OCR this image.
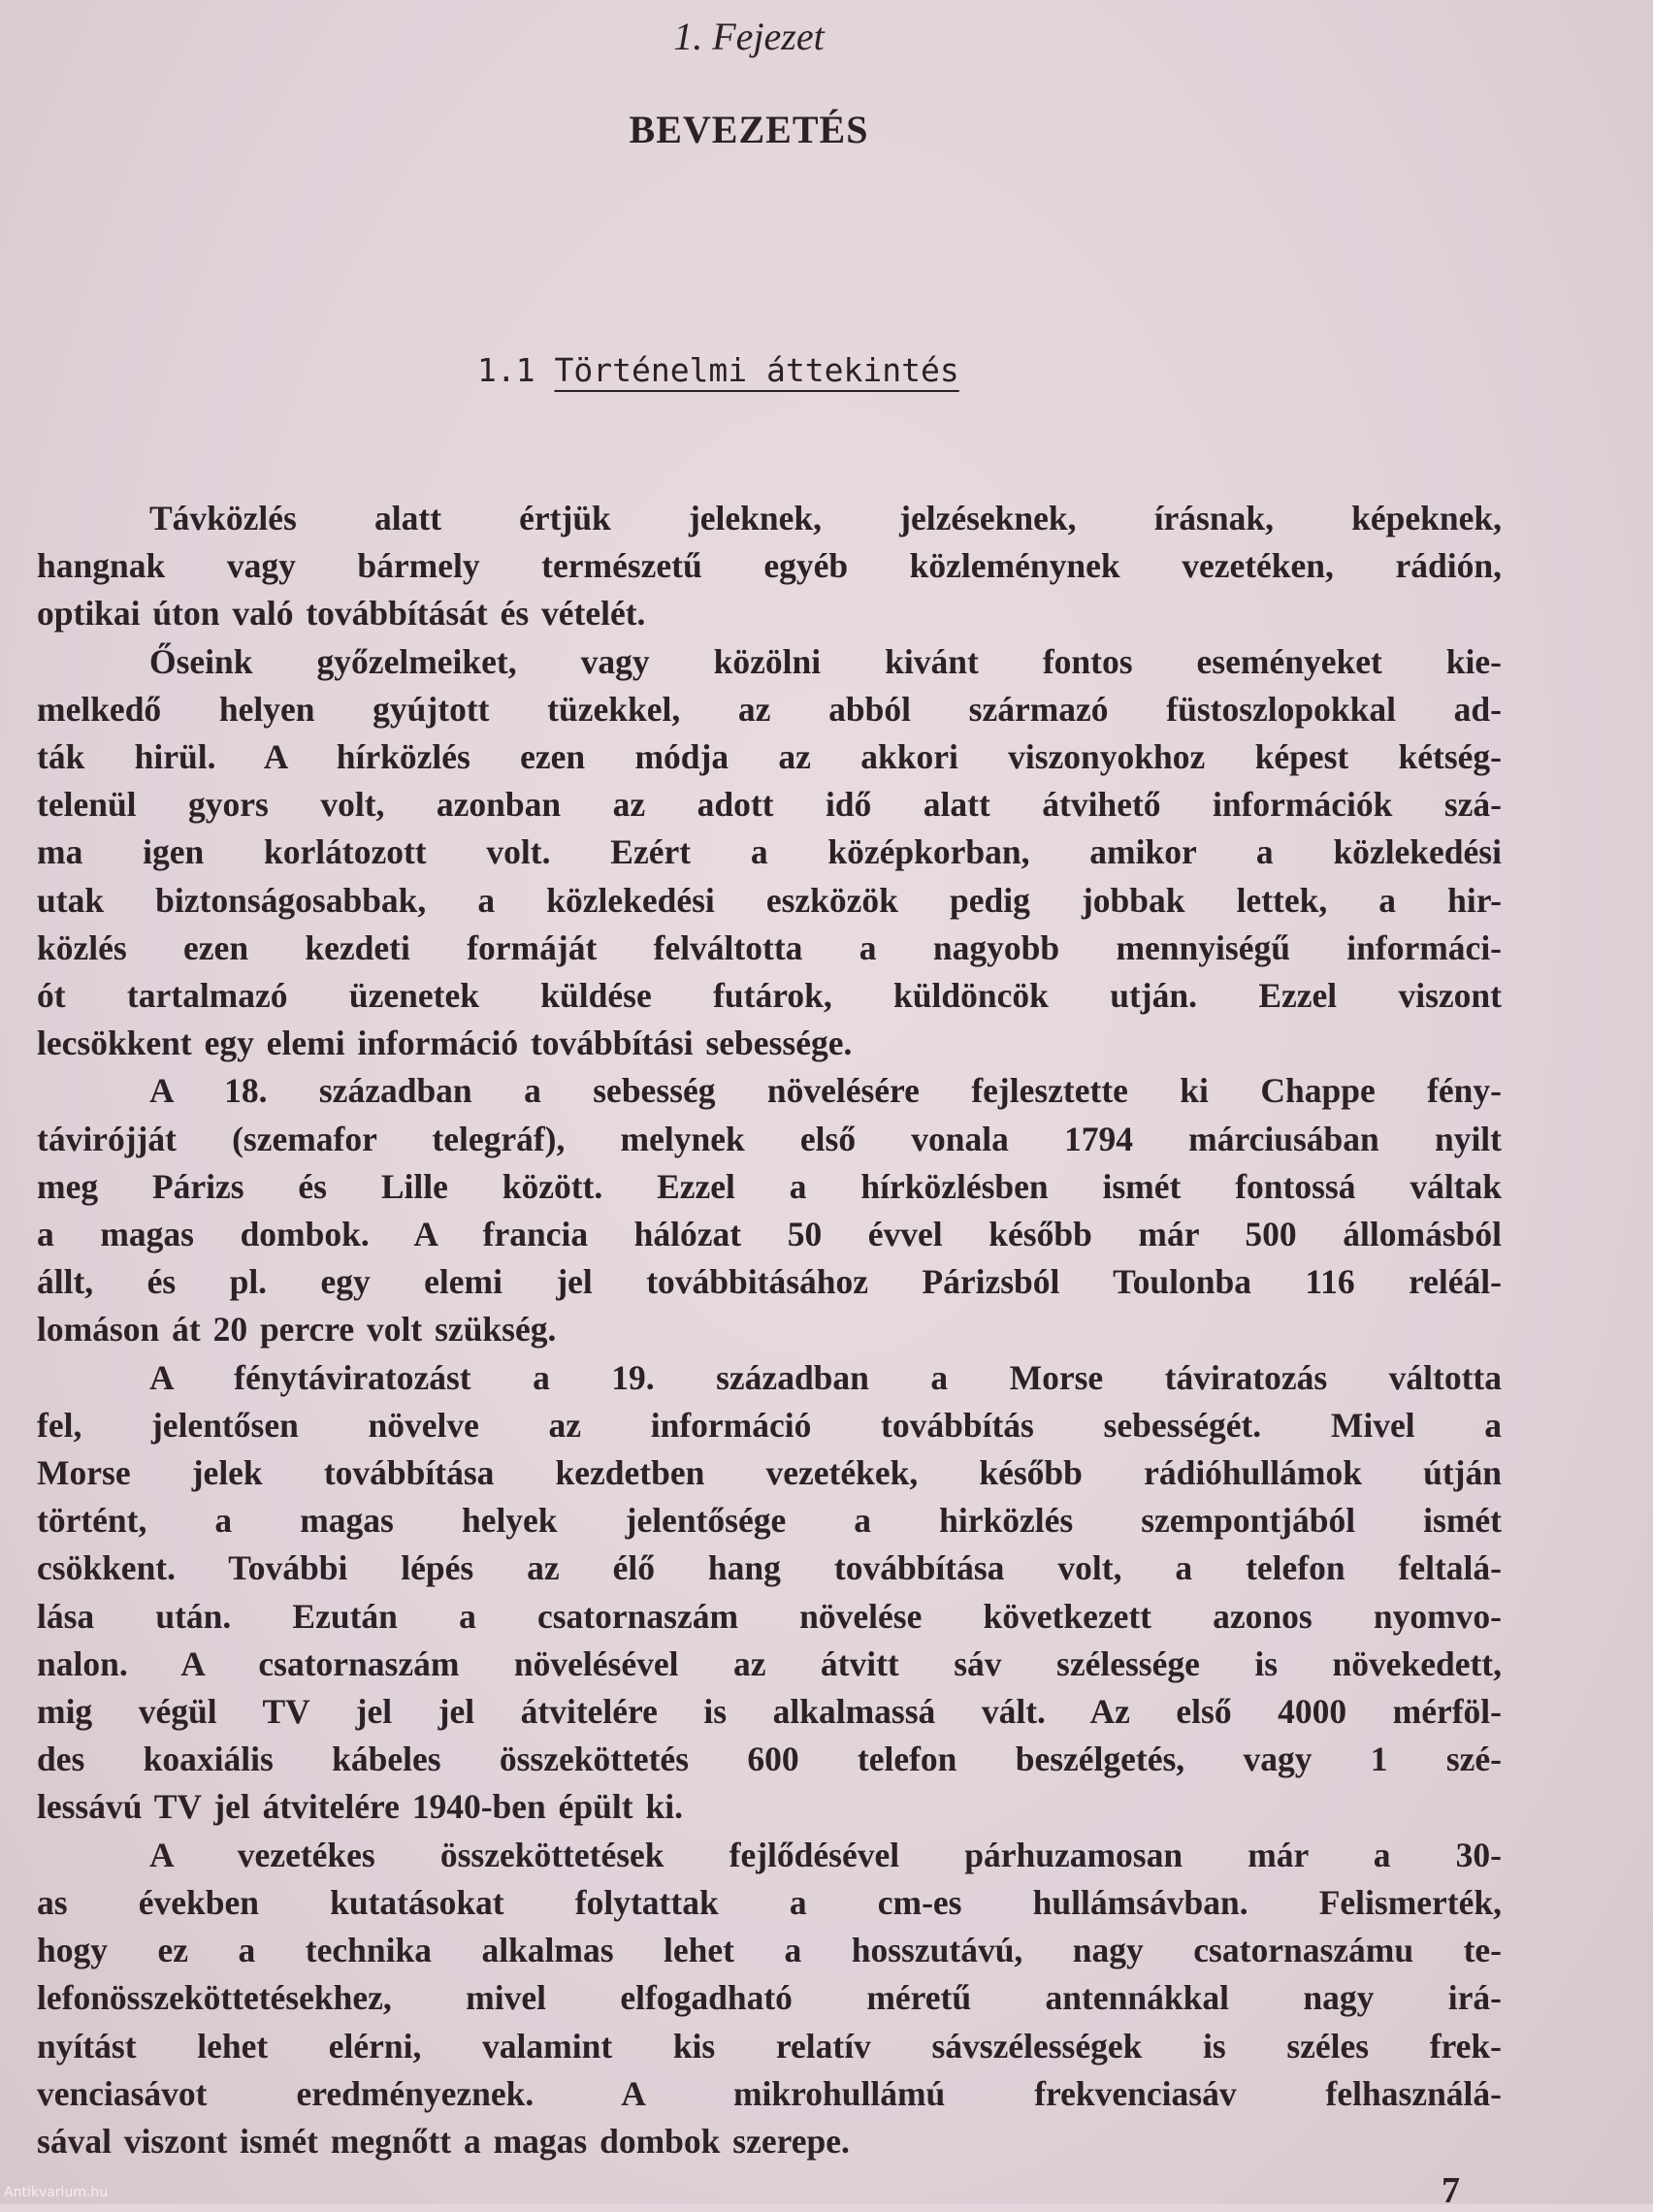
1. Fejezet
BEVEZETÉS
1.1 Történelmi áttekintés

Távközlés alatt értjük jeleknek, jelzéseknek, írásnak, képeknek,
hangnak vagy bármely természetű egyéb közleménynek vezetéken, rádión,
optikai úton való továbbítását és vételét.

Őseink győzelmeiket, vagy közölni kivánt fontos eseményeket kie-
melkedő helyen gyújtott tüzekkel, az abból származó füstoszlopokkal ad-
ták hirül. A hírközlés ezen módja az akkori viszonyokhoz képest kétség-
telenül gyors volt, azonban az adott idő alatt átvihető információk szá-
ma igen korlátozott volt. Ezért a középkorban, amikor a közlekedési
utak biztonságosabbak, a közlekedési eszközök pedig jobbak lettek, a hir-
közlés ezen kezdeti formáját felváltotta a nagyobb mennyiségű informáci-
ót tartalmazó üzenetek küldése futárok, küldöncök utján. Ezzel viszont
lecsökkent egy elemi információ továbbítási sebessége.

A 18. században a sebesség növelésére fejlesztette ki Chappe fény-
távirójját (szemafor telegráf), melynek első vonala 1794 márciusában nyilt
meg Párizs és Lille között. Ezzel a hírközlésben ismét fontossá váltak
a magas dombok. A francia hálózat 50 évvel később már 500 állomásból
állt, és pl. egy elemi jel továbbitásához Párizsból Toulonba 116 reléál-
lomáson át 20 percre volt szükség.

A fénytáviratozást a 19. században a Morse táviratozás váltotta
fel, jelentősen növelve az információ továbbítás sebességét. Mivel a
Morse jelek továbbítása kezdetben vezetékek, később rádióhullámok útján
történt, a magas helyek jelentősége a hirközlés szempontjából ismét
csökkent. További lépés az élő hang továbbítása volt, a telefon feltalá-
lása után. Ezután a csatornaszám növelése következett azonos nyomvo-
nalon. A csatornaszám növelésével az átvitt sáv szélessége is növekedett,
mig végül TV jel jel átvitelére is alkalmassá vált. Az első 4000 mérföl-
des koaxiális kábeles összeköttetés 600 telefon beszélgetés, vagy 1 szé-
lessávú TV jel átvitelére 1940-ben épült ki.

A vezetékes összeköttetések fejlődésével párhuzamosan már a 30-
as években kutatásokat folytattak a cm-es hullámsávban. Felismerték,
hogy ez a technika alkalmas lehet a hosszutávú, nagy csatornaszámu te-
lefonösszeköttetésekhez, mivel elfogadható méretű antennákkal nagy irá-
nyítást lehet elérni, valamint kis relatív sávszélességek is széles frek-
venciasávot eredményeznek. A mikrohullámú frekvenciasáv felhasználá-
sával viszont ismét megnőtt a magas dombok szerepe.

7
Antikvarium.hu
